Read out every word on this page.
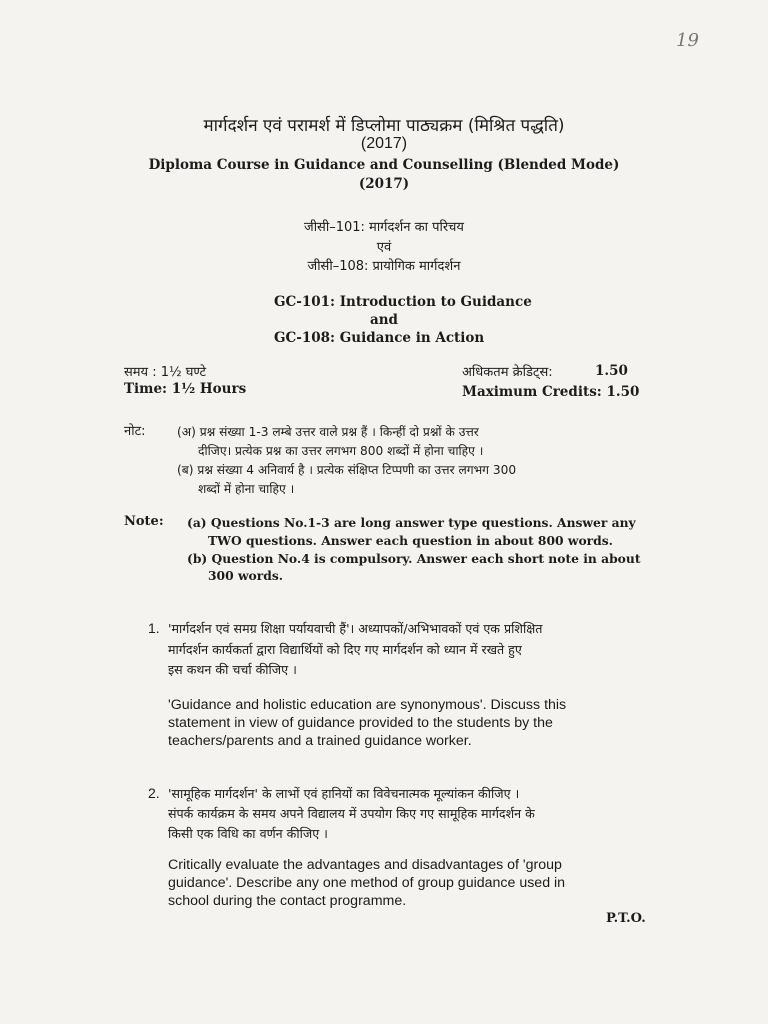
19
मार्गदर्शन एवं परामर्श में डिप्लोमा पाठ्यक्रम (मिश्रित पद्धति)
(2017)
Diploma Course in Guidance and Counselling (Blended Mode)
(2017)
जीसी–101: मार्गदर्शन का परिचय
एवं
जीसी–108: प्रायोगिक मार्गदर्शन
GC-101: Introduction to Guidance
and
GC-108: Guidance in Action
समय : 1½ घण्टे
Time: 1½ Hours
अधिकतम क्रेडिट्स:	1.50
Maximum Credits: 1.50
नोट:	(अ) प्रश्न संख्या 1-3 लम्बे उत्तर वाले प्रश्न हैं । किन्हीं दो प्रश्नों के उत्तर
दीजिए। प्रत्येक प्रश्न का उत्तर लगभग 800 शब्दों में होना चाहिए ।
(ब) प्रश्न संख्या 4 अनिवार्य है । प्रत्येक संक्षिप्त टिप्पणी का उत्तर लगभग 300
शब्दों में होना चाहिए ।
Note: (a) Questions No.1-3 are long answer type questions. Answer any
TWO questions. Answer each question in about 800 words.
(b) Question No.4 is compulsory. Answer each short note in about
300 words.
1. 'मार्गदर्शन एवं समग्र शिक्षा पर्यायवाची हैं'। अध्यापकों/अभिभावकों एवं एक प्रशिक्षित
मार्गदर्शन कार्यकर्ता द्वारा विद्यार्थियों को दिए गए मार्गदर्शन को ध्यान में रखते हुए
इस कथन की चर्चा कीजिए ।
'Guidance and holistic education are synonymous'. Discuss this
statement in view of guidance provided to the students by the
teachers/parents and a trained guidance worker.
2. 'सामूहिक मार्गदर्शन' के लाभों एवं हानियों का विवेचनात्मक मूल्यांकन कीजिए ।
संपर्क कार्यक्रम के समय अपने विद्यालय में उपयोग किए गए सामूहिक मार्गदर्शन के
किसी एक विधि का वर्णन कीजिए ।
Critically evaluate the advantages and disadvantages of 'group
guidance'. Describe any one method of group guidance used in
school during the contact programme.
P.T.O.
